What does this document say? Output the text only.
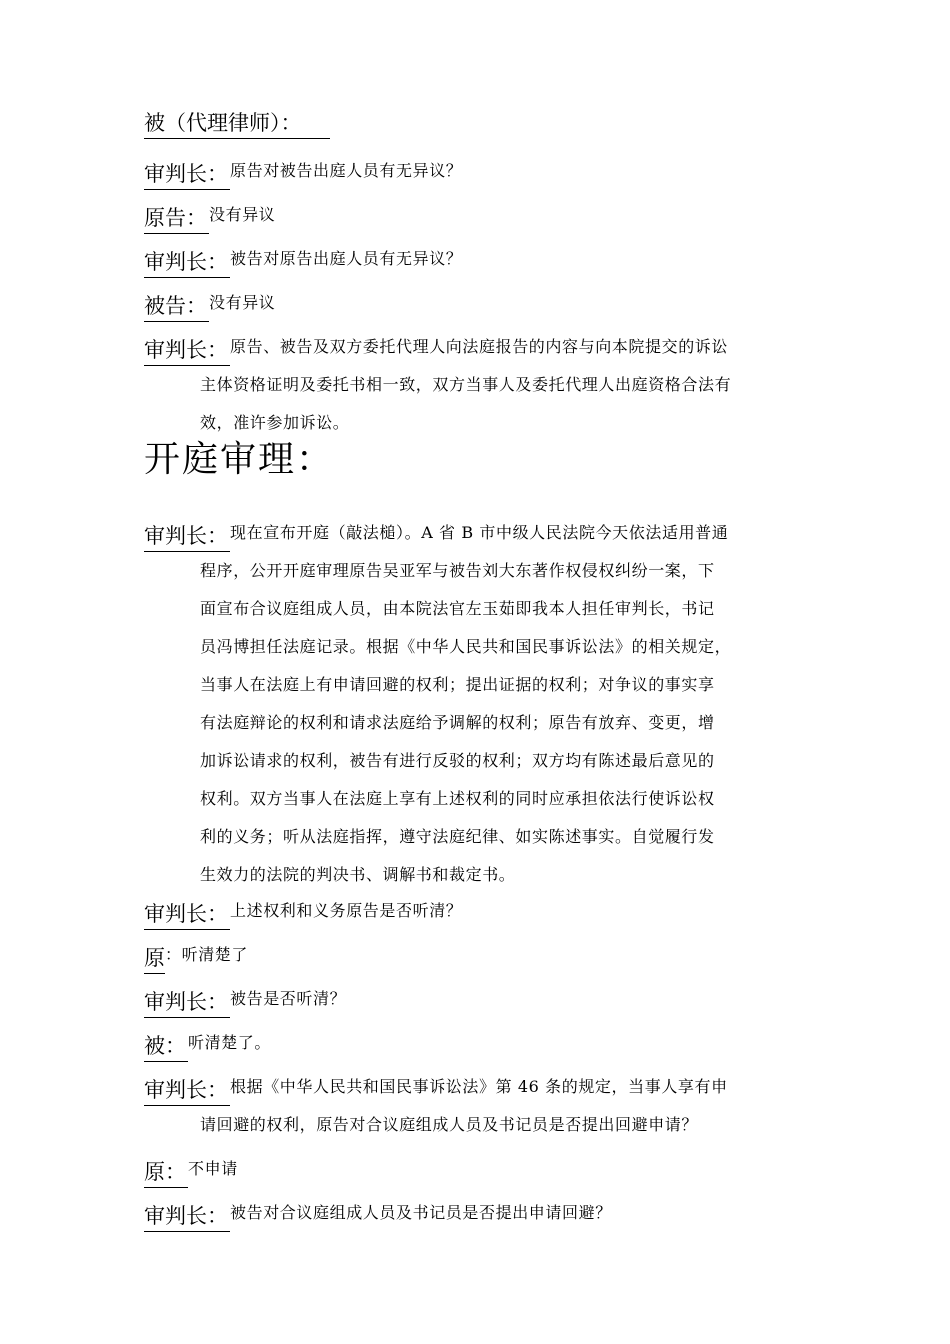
被（代理律师）：
审判长： 原告对被告出庭人员有无异议？
原告： 没有异议
审判长： 被告对原告出庭人员有无异议？
被告： 没有异议
审判长： 原告、被告及双方委托代理人向法庭报告的内容与向本院提交的诉讼
主体资格证明及委托书相一致，双方当事人及委托代理人出庭资格合法有
效，准许参加诉讼。
开庭审理：
审判长： 现在宣布开庭（敲法槌）。A 省 B 市中级人民法院今天依法适用普通
程序，公开开庭审理原告吴亚军与被告刘大东著作权侵权纠纷一案，下
面宣布合议庭组成人员，由本院法官左玉茹即我本人担任审判长，书记
员冯博担任法庭记录。根据《中华人民共和国民事诉讼法》的相关规定，
当事人在法庭上有申请回避的权利；提出证据的权利；对争议的事实享
有法庭辩论的权利和请求法庭给予调解的权利；原告有放弃、变更，增
加诉讼请求的权利，被告有进行反驳的权利；双方均有陈述最后意见的
权利。双方当事人在法庭上享有上述权利的同时应承担依法行使诉讼权
利的义务；听从法庭指挥，遵守法庭纪律、如实陈述事实。自觉履行发
生效力的法院的判决书、调解书和裁定书。
审判长： 上述权利和义务原告是否听清？
原：听清楚了
审判长： 被告是否听清？
被： 听清楚了。
审判长： 根据《中华人民共和国民事诉讼法》第 46 条的规定，当事人享有申
请回避的权利，原告对合议庭组成人员及书记员是否提出回避申请？
原： 不申请
审判长： 被告对合议庭组成人员及书记员是否提出申请回避？
